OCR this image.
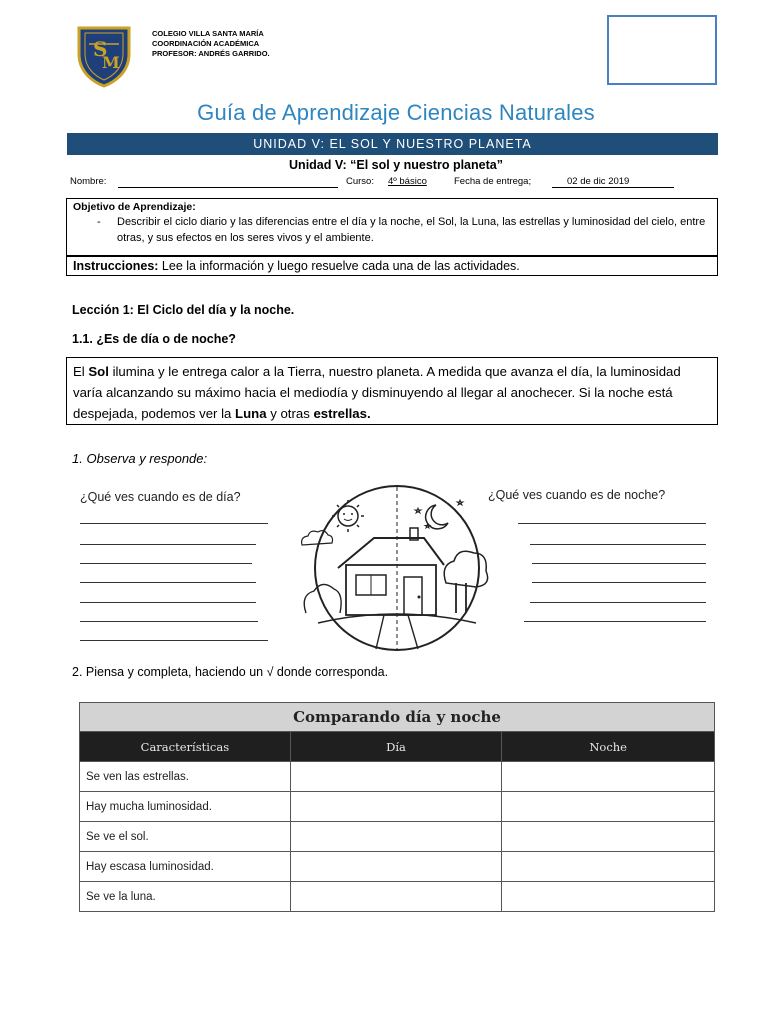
S
M
COLEGIO VILLA SANTA MARÍA
COORDINACIÓN ACADÉMICA
PROFESOR: ANDRÉS GARRIDO.
Guía de Aprendizaje Ciencias Naturales
UNIDAD V: EL SOL Y NUESTRO PLANETA
Unidad V: “El sol y nuestro planeta”
Nombre:	Curso: 4º básico	Fecha de entrega;	02 de dic 2019
Objetivo de Aprendizaje:
- Describir el ciclo diario y las diferencias entre el día y la noche, el Sol, la Luna, las estrellas y luminosidad del cielo, entre otras, y sus efectos en los seres vivos y el ambiente.
Instrucciones: Lee la información y luego resuelve cada una de las actividades.
Lección 1: El Ciclo del día y la noche.
1.1. ¿Es de día o de noche?
El Sol ilumina y le entrega calor a la Tierra, nuestro planeta. A medida que avanza el día, la luminosidad varía alcanzando su máximo hacia el mediodía y disminuyendo al llegar al anochecer. Si la noche está despejada, podemos ver la Luna y otras estrellas.
1. Observa y responde:
¿Qué ves cuando es de día?	¿Qué ves cuando es de noche?
2. Piensa y completa, haciendo un √ donde corresponda.
Comparando día y noche		
Características	Día	Noche
Se ven las estrellas.		
Hay mucha luminosidad.		
Se ve el sol.		
Hay escasa luminosidad.		
Se ve la luna.		
